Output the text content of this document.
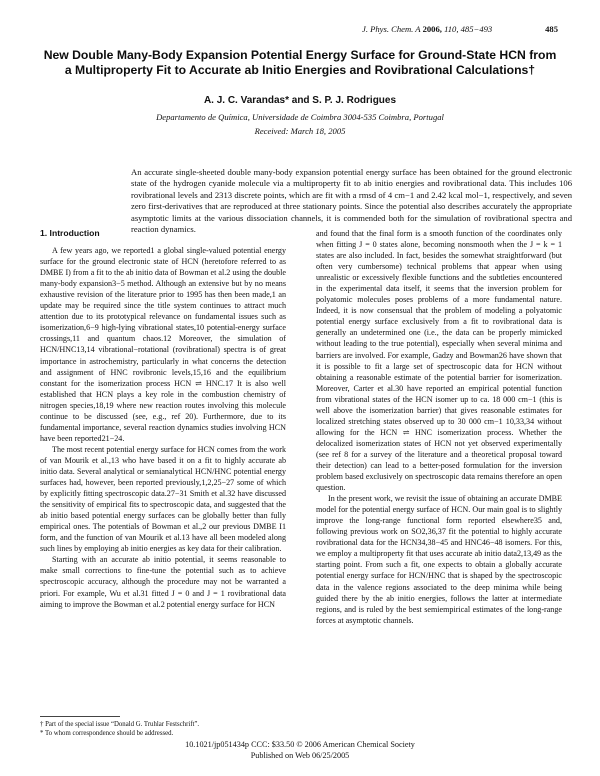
J. Phys. Chem. A 2006, 110, 485−493	485
New Double Many-Body Expansion Potential Energy Surface for Ground-State HCN from a Multiproperty Fit to Accurate ab Initio Energies and Rovibrational Calculations†
A. J. C. Varandas* and S. P. J. Rodrigues
Departamento de Química, Universidade de Coimbra 3004-535 Coimbra, Portugal
Received: March 18, 2005
An accurate single-sheeted double many-body expansion potential energy surface has been obtained for the ground electronic state of the hydrogen cyanide molecule via a multiproperty fit to ab initio energies and rovibrational data. This includes 106 rovibrational levels and 2313 discrete points, which are fit with a rmsd of 4 cm−1 and 2.42 kcal mol−1, respectively, and seven zero first-derivatives that are reproduced at three stationary points. Since the potential also describes accurately the appropriate asymptotic limits at the various dissociation channels, it is commended both for the simulation of rovibrational spectra and reaction dynamics.
1. Introduction

A few years ago, we reported1 a global single-valued potential energy surface for the ground electronic state of HCN (heretofore referred to as DMBE I) from a fit to the ab initio data of Bowman et al.2 using the double many-body expansion3−5 method. Although an extensive but by no means exhaustive revision of the literature prior to 1995 has then been made,1 an update may be required since the title system continues to attract much attention due to its prototypical relevance on fundamental issues such as isomerization,6−9 high-lying vibrational states,10 potential-energy surface crossings,11 and quantum chaos.12 Moreover, the simulation of HCN/HNC13,14 vibrational−rotational (rovibrational) spectra is of great importance in astrochemistry, particularly in what concerns the detection and assignment of HNC rovibronic levels,15,16 and the equilibrium constant for the isomerization process HCN ⇌ HNC.17 It is also well established that HCN plays a key role in the combustion chemistry of nitrogen species,18,19 where new reaction routes involving this molecule continue to be discussed (see, e.g., ref 20). Furthermore, due to its fundamental importance, several reaction dynamics studies involving HCN have been reported21−24.

The most recent potential energy surface for HCN comes from the work of van Mourik et al.,13 who have based it on a fit to highly accurate ab initio data. Several analytical or semianalytical HCN/HNC potential energy surfaces had, however, been reported previously,1,2,25−27 some of which by explicitly fitting spectroscopic data.27−31 Smith et al.32 have discussed the sensitivity of empirical fits to spectroscopic data, and suggested that the ab initio based potential energy surfaces can be globally better than fully empirical ones. The potentials of Bowman et al.,2 our previous DMBE I1 form, and the function of van Mourik et al.13 have all been modeled along such lines by employing ab initio energies as key data for their calibration.

Starting with an accurate ab initio potential, it seems reasonable to make small corrections to fine-tune the potential such as to achieve spectroscopic accuracy, although the procedure may not be warranted a priori. For example, Wu et al.31 fitted J = 0 and J = 1 rovibrational data aiming to improve the Bowman et al.2 potential energy surface for HCN

and found that the final form is a smooth function of the coordinates only when fitting J = 0 states alone, becoming nonsmooth when the J = k = 1 states are also included. In fact, besides the somewhat straightforward (but often very cumbersome) technical problems that appear when using unrealistic or excessively flexible functions and the subtleties encountered in the experimental data itself, it seems that the inversion problem for polyatomic molecules poses problems of a more fundamental nature. Indeed, it is now consensual that the problem of modeling a polyatomic potential energy surface exclusively from a fit to rovibrational data is generally an undetermined one (i.e., the data can be properly mimicked without leading to the true potential), especially when several minima and barriers are involved. For example, Gadzy and Bowman26 have shown that it is possible to fit a large set of spectroscopic data for HCN without obtaining a reasonable estimate of the potential barrier for isomerization. Moreover, Carter et al.30 have reported an empirical potential function from vibrational states of the HCN isomer up to ca. 18 000 cm−1 (this is well above the isomerization barrier) that gives reasonable estimates for localized stretching states observed up to 30 000 cm−1 10,33,34 without allowing for the HCN ⇌ HNC isomerization process. Whether the delocalized isomerization states of HCN not yet observed experimentally (see ref 8 for a survey of the literature and a theoretical proposal toward their detection) can lead to a better-posed formulation for the inversion problem based exclusively on spectroscopic data remains therefore an open question.

In the present work, we revisit the issue of obtaining an accurate DMBE model for the potential energy surface of HCN. Our main goal is to slightly improve the long-range functional form reported elsewhere35 and, following previous work on SO2,36,37 fit the potential to highly accurate rovibrational data for the HCN34,38−45 and HNC46−48 isomers. For this, we employ a multiproperty fit that uses accurate ab initio data2,13,49 as the starting point. From such a fit, one expects to obtain a globally accurate potential energy surface for HCN/HNC that is shaped by the spectroscopic data in the valence regions associated to the deep minima while being guided there by the ab initio energies, follows the latter at intermediate regions, and is ruled by the best semiempirical estimates of the long-range forces at asymptotic channels.

† Part of the special issue “Donald G. Truhlar Festschrift”.
* To whom correspondence should be addressed.
10.1021/jp051434p CCC: $33.50 © 2006 American Chemical Society
Published on Web 06/25/2005
